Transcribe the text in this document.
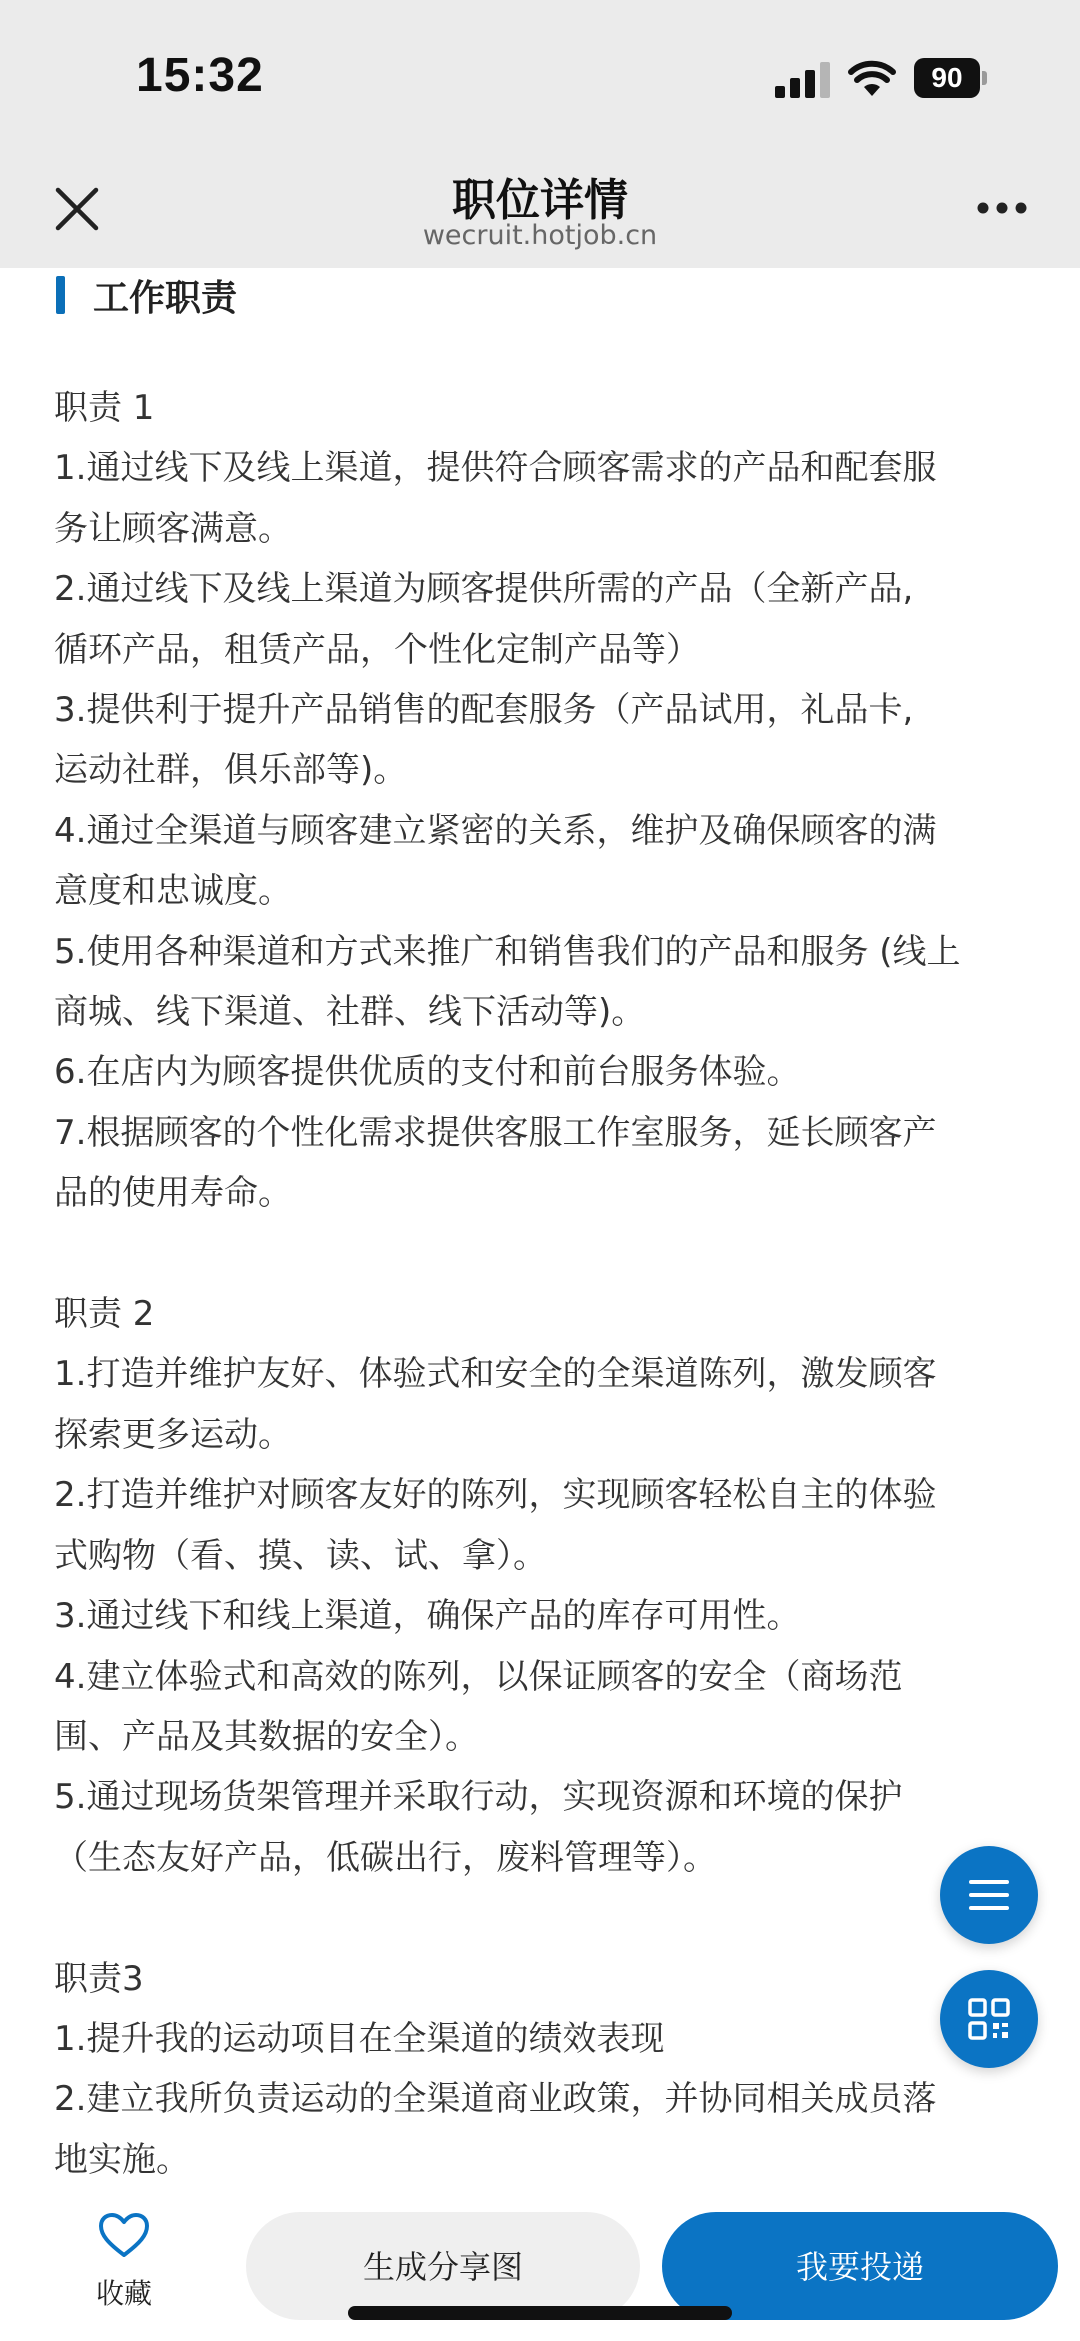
15:32	90
职位详情
wecruit.hotjob.cn
工作职责
职责 1
1.通过线下及线上渠道，提供符合顾客需求的产品和配套服
务让顾客满意。
2.通过线下及线上渠道为顾客提供所需的产品（全新产品,
循环产品，租赁产品，个性化定制产品等）
3.提供利于提升产品销售的配套服务（产品试用，礼品卡,
运动社群，俱乐部等)。
4.通过全渠道与顾客建立紧密的关系，维护及确保顾客的满
意度和忠诚度。
5.使用各种渠道和方式来推广和销售我们的产品和服务 (线上
商城、线下渠道、社群、线下活动等)。
6.在店内为顾客提供优质的支付和前台服务体验。
7.根据顾客的个性化需求提供客服工作室服务，延长顾客产
品的使用寿命。
职责 2
1.打造并维护友好、体验式和安全的全渠道陈列，激发顾客
探索更多运动。
2.打造并维护对顾客友好的陈列，实现顾客轻松自主的体验
式购物（看、摸、读、试、拿）。
3.通过线下和线上渠道，确保产品的库存可用性。
4.建立体验式和高效的陈列，以保证顾客的安全（商场范
围、产品及其数据的安全）。
5.通过现场货架管理并采取行动，实现资源和环境的保护
（生态友好产品，低碳出行，废料管理等）。
职责3
1.提升我的运动项目在全渠道的绩效表现
2.建立我所负责运动的全渠道商业政策，并协同相关成员落
地实施。
收藏
生成分享图	我要投递
